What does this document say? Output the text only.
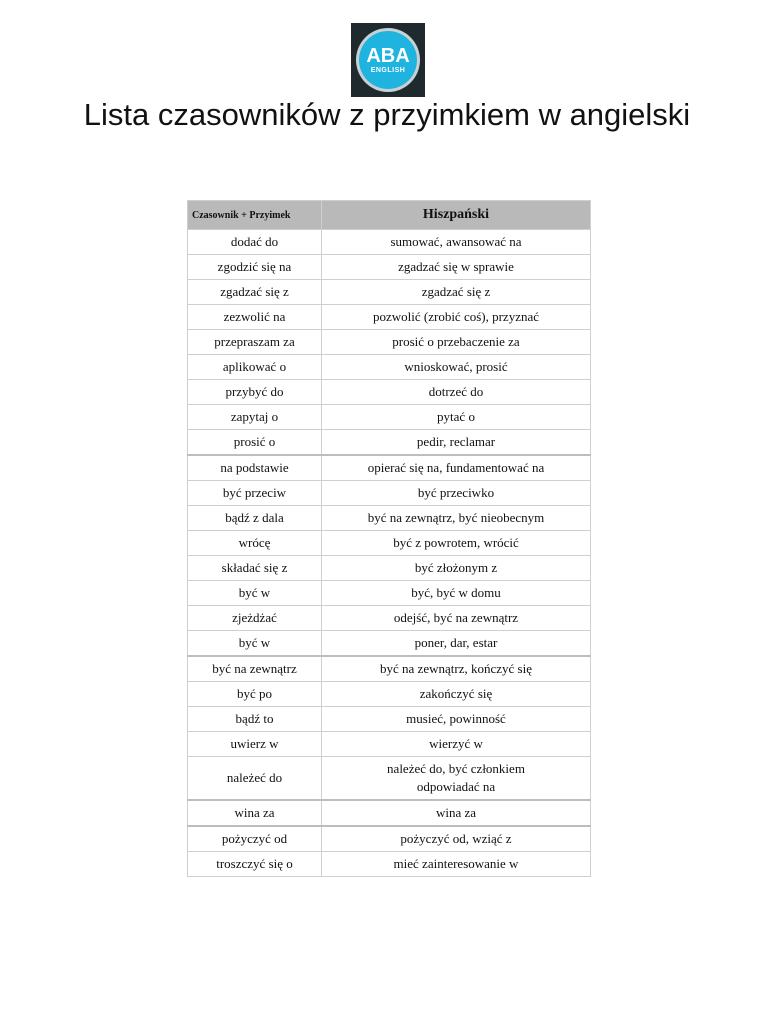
ABA
ENGLISH
Lista czasowników z przyimkiem w angielski
Czasownik + Przyimek	Hiszpański
dodać do	sumować, awansować na
zgodzić się na	zgadzać się w sprawie
zgadzać się z	zgadzać się z
zezwolić na	pozwolić (zrobić coś), przyznać
przepraszam za	prosić o przebaczenie za
aplikować o	wnioskować, prosić
przybyć do	dotrzeć do
zapytaj o	pytać o
prosić o	pedir, reclamar
na podstawie	opierać się na, fundamentować na
być przeciw	być przeciwko
bądź z dala	być na zewnątrz, być nieobecnym
wrócę	być z powrotem, wrócić
składać się z	być złożonym z
być w	być, być w domu
zjeżdżać	odejść, być na zewnątrz
być w	poner, dar, estar
być na zewnątrz	być na zewnątrz, kończyć się
być po	zakończyć się
bądź to	musieć, powinność
uwierz w	wierzyć w
należeć do	należeć do, być członkiem
odpowiadać na

wina za	wina za
pożyczyć od	pożyczyć od, wziąć z
troszczyć się o	mieć zainteresowanie w
